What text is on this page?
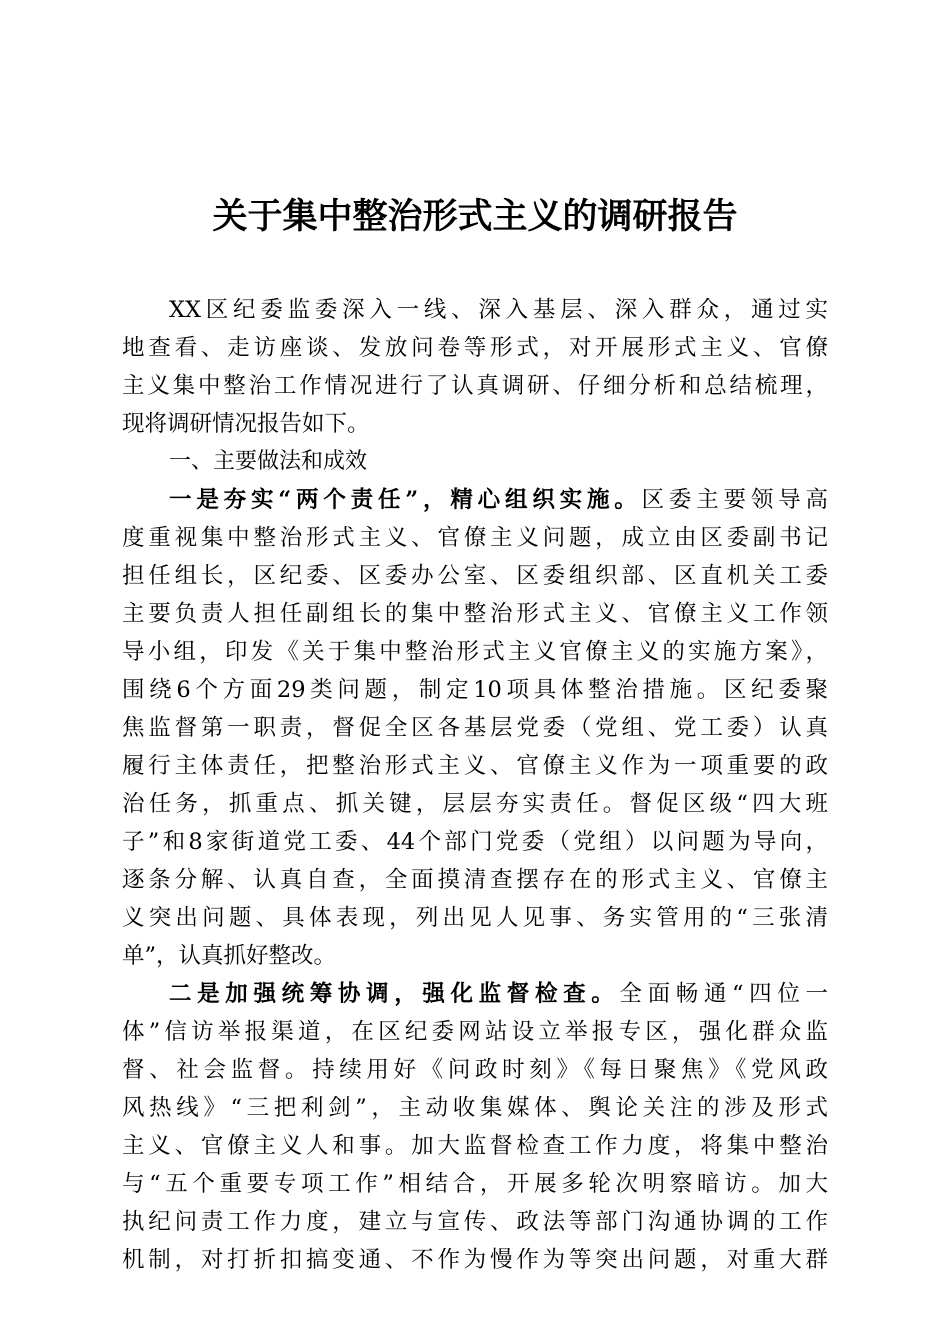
关于集中整治形式主义的调研报告
XX区纪委监委深入一线、深入基层、深入群众，通过实
地查看、走访座谈、发放问卷等形式，对开展形式主义、官僚
主义集中整治工作情况进行了认真调研、仔细分析和总结梳理，
现将调研情况报告如下。
一、主要做法和成效
一是夯实“两个责任”，精心组织实施。区委主要领导高
度重视集中整治形式主义、官僚主义问题，成立由区委副书记
担任组长，区纪委、区委办公室、区委组织部、区直机关工委
主要负责人担任副组长的集中整治形式主义、官僚主义工作领
导小组，印发《关于集中整治形式主义官僚主义的实施方案》，
围绕6个方面29类问题，制定10项具体整治措施。区纪委聚
焦监督第一职责，督促全区各基层党委（党组、党工委）认真
履行主体责任，把整治形式主义、官僚主义作为一项重要的政
治任务，抓重点、抓关键，层层夯实责任。督促区级“四大班
子”和8家街道党工委、44个部门党委（党组）以问题为导向，
逐条分解、认真自查，全面摸清查摆存在的形式主义、官僚主
义突出问题、具体表现，列出见人见事、务实管用的“三张清
单”，认真抓好整改。
二是加强统筹协调，强化监督检查。全面畅通“四位一
体”信访举报渠道，在区纪委网站设立举报专区，强化群众监
督、社会监督。持续用好《问政时刻》《每日聚焦》《党风政
风热线》“三把利剑”，主动收集媒体、舆论关注的涉及形式
主义、官僚主义人和事。加大监督检查工作力度，将集中整治
与“五个重要专项工作”相结合，开展多轮次明察暗访。加大
执纪问责工作力度，建立与宣传、政法等部门沟通协调的工作
机制，对打折扣搞变通、不作为慢作为等突出问题，对重大群
